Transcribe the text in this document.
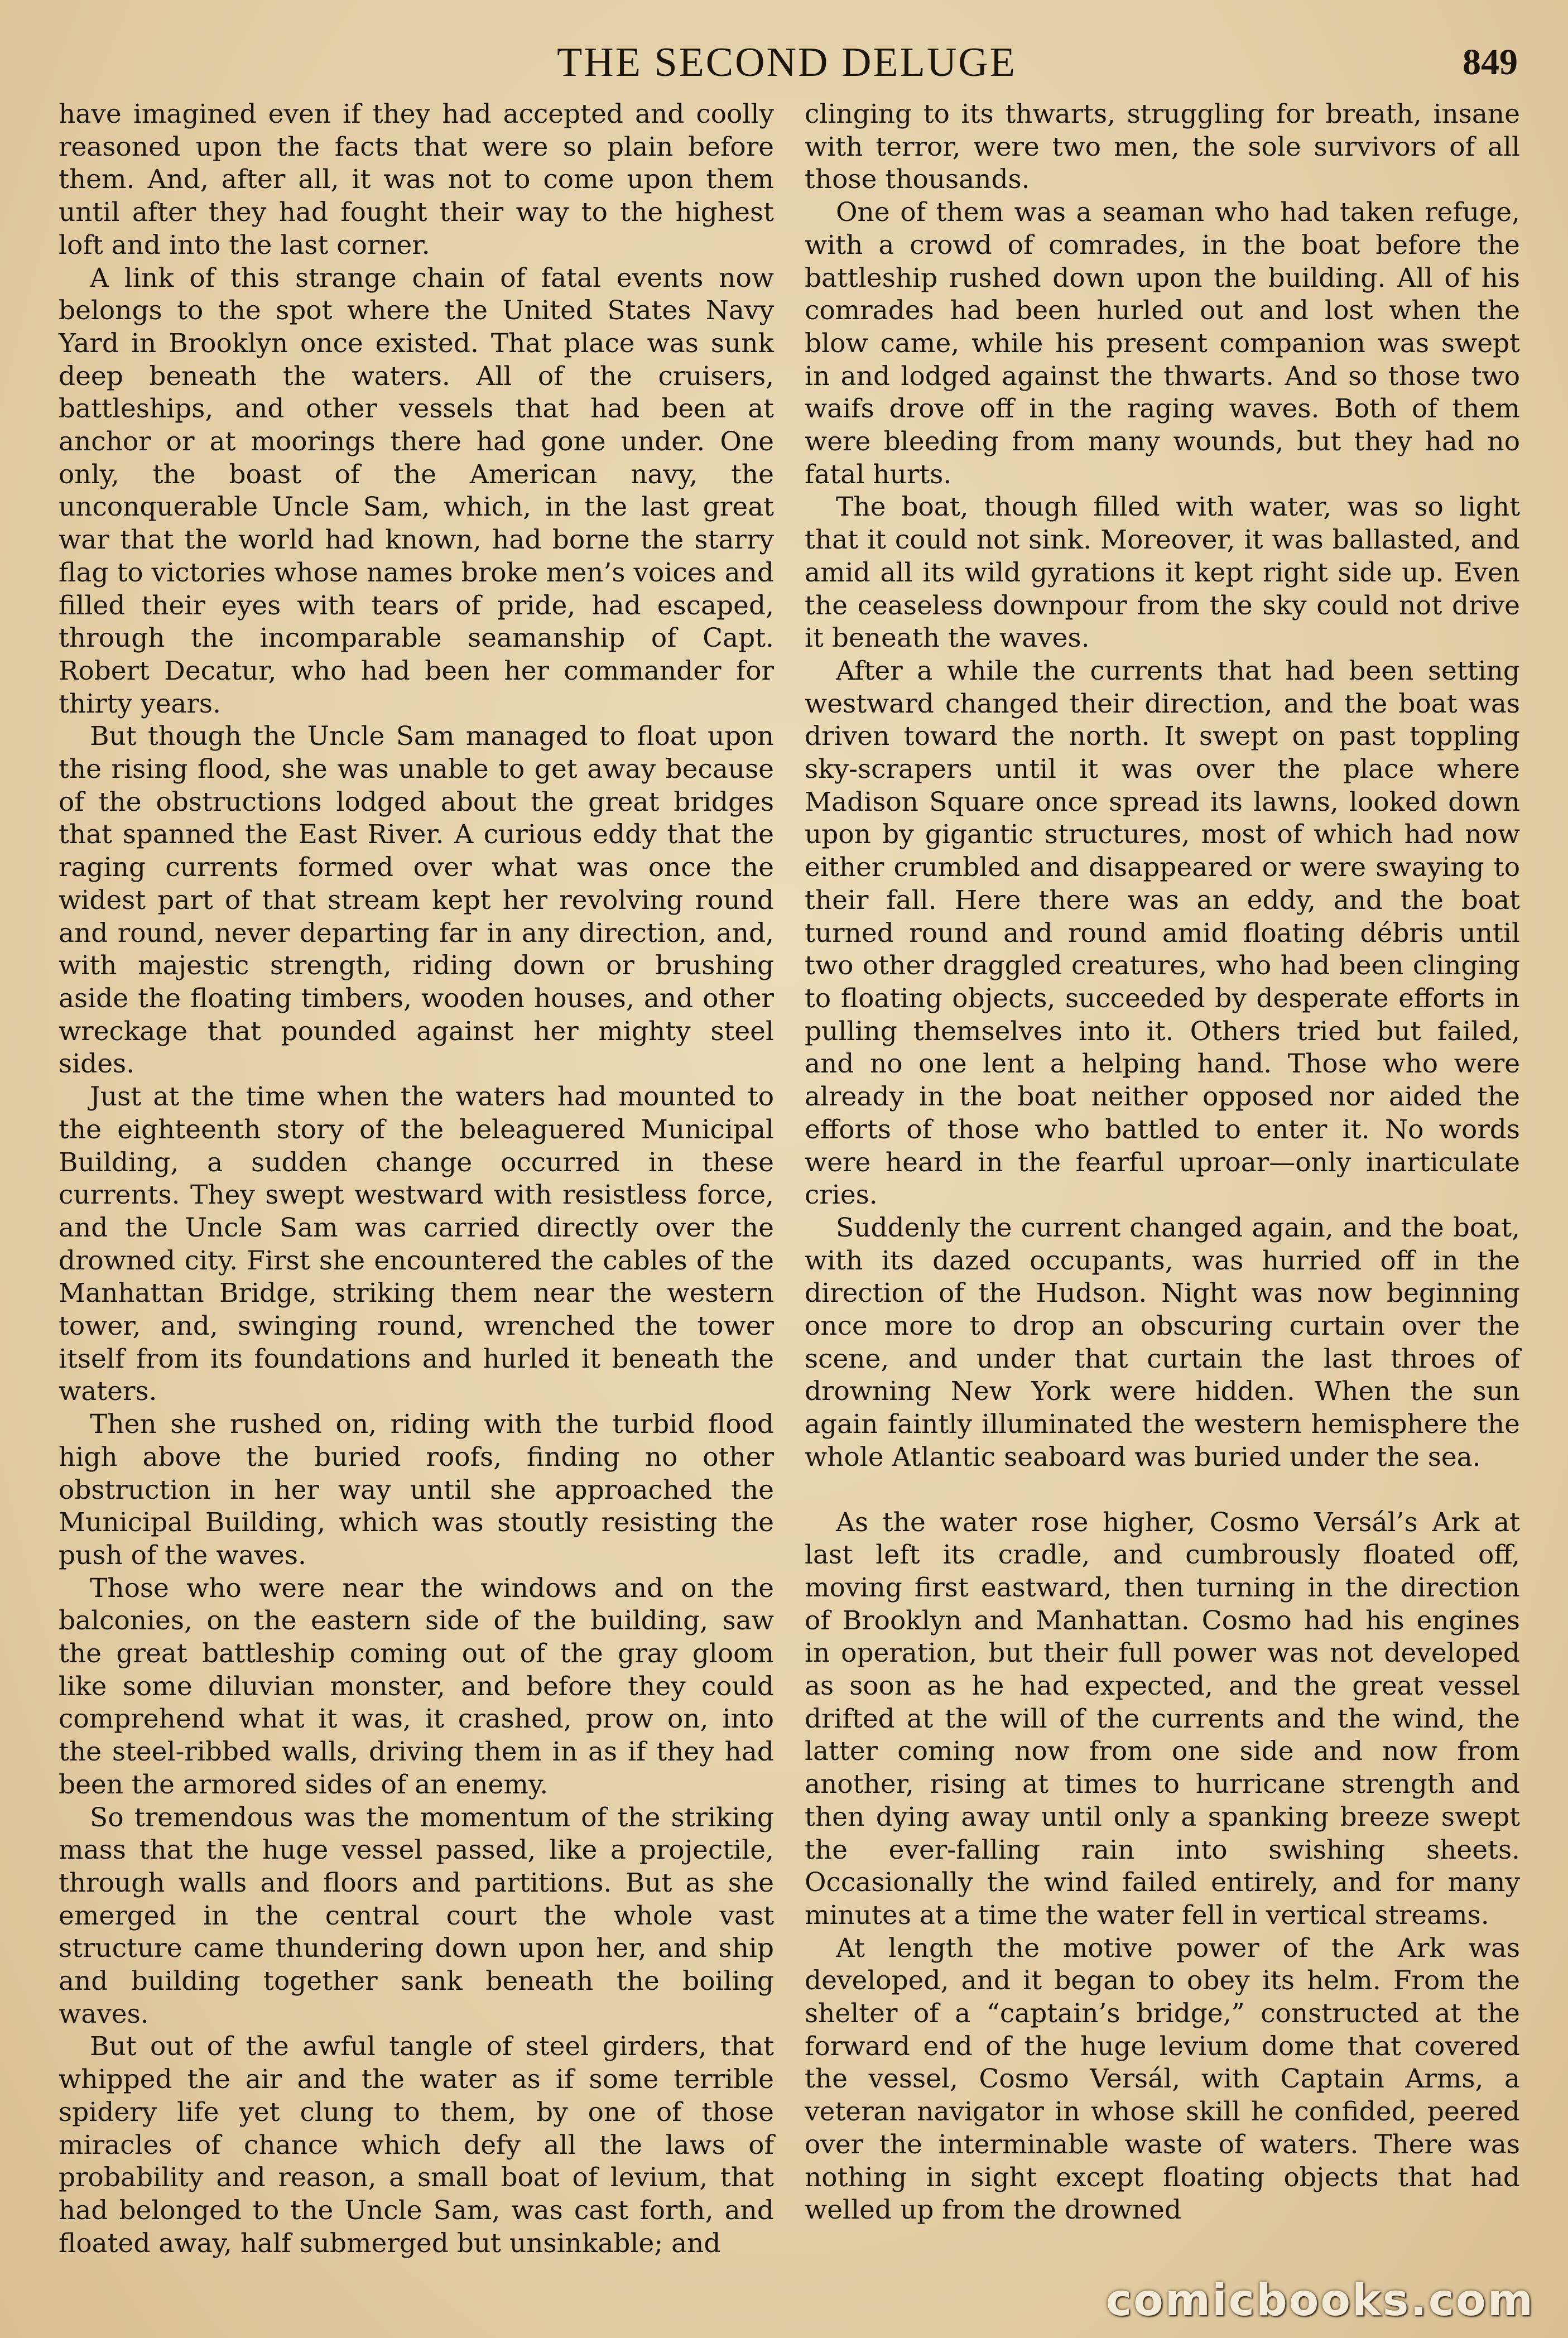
THE SECOND DELUGE	849

have imagined even if they had accepted and coolly reasoned upon the facts that were so plain before them. And, after all, it was not to come upon them until after they had fought their way to the highest loft and into the last corner.

A link of this strange chain of fatal events now belongs to the spot where the United States Navy Yard in Brooklyn once existed. That place was sunk deep beneath the waters. All of the cruisers, battleships, and other vessels that had been at anchor or at moorings there had gone under. One only, the boast of the American navy, the unconquerable Uncle Sam, which, in the last great war that the world had known, had borne the starry flag to victories whose names broke men’s voices and filled their eyes with tears of pride, had escaped, through the incomparable seamanship of Capt. Robert Decatur, who had been her commander for thirty years.

But though the Uncle Sam managed to float upon the rising flood, she was unable to get away because of the obstructions lodged about the great bridges that spanned the East River. A curious eddy that the raging currents formed over what was once the widest part of that stream kept her revolving round and round, never departing far in any direction, and, with majestic strength, riding down or brushing aside the floating timbers, wooden houses, and other wreckage that pounded against her mighty steel sides.

Just at the time when the waters had mounted to the eighteenth story of the beleaguered Municipal Building, a sudden change occurred in these currents. They swept westward with resistless force, and the Uncle Sam was carried directly over the drowned city. First she encountered the cables of the Manhattan Bridge, striking them near the western tower, and, swinging round, wrenched the tower itself from its foundations and hurled it beneath the waters.

Then she rushed on, riding with the turbid flood high above the buried roofs, finding no other obstruction in her way until she approached the Municipal Building, which was stoutly resisting the push of the waves.

Those who were near the windows and on the balconies, on the eastern side of the building, saw the great battleship coming out of the gray gloom like some diluvian monster, and before they could comprehend what it was, it crashed, prow on, into the steel-ribbed walls, driving them in as if they had been the armored sides of an enemy.

So tremendous was the momentum of the striking mass that the huge vessel passed, like a projectile, through walls and floors and partitions. But as she emerged in the central court the whole vast structure came thundering down upon her, and ship and building together sank beneath the boiling waves.

But out of the awful tangle of steel girders, that whipped the air and the water as if some terrible spidery life yet clung to them, by one of those miracles of chance which defy all the laws of probability and reason, a small boat of levium, that had belonged to the Uncle Sam, was cast forth, and floated away, half submerged but unsinkable; and

clinging to its thwarts, struggling for breath, insane with terror, were two men, the sole survivors of all those thousands.

One of them was a seaman who had taken refuge, with a crowd of comrades, in the boat before the battleship rushed down upon the building. All of his comrades had been hurled out and lost when the blow came, while his present companion was swept in and lodged against the thwarts. And so those two waifs drove off in the raging waves. Both of them were bleeding from many wounds, but they had no fatal hurts.

The boat, though filled with water, was so light that it could not sink. Moreover, it was ballasted, and amid all its wild gyrations it kept right side up. Even the ceaseless downpour from the sky could not drive it beneath the waves.

After a while the currents that had been setting westward changed their direction, and the boat was driven toward the north. It swept on past toppling sky-scrapers until it was over the place where Madison Square once spread its lawns, looked down upon by gigantic structures, most of which had now either crumbled and disappeared or were swaying to their fall. Here there was an eddy, and the boat turned round and round amid floating débris until two other draggled creatures, who had been clinging to floating objects, succeeded by desperate efforts in pulling themselves into it. Others tried but failed, and no one lent a helping hand. Those who were already in the boat neither opposed nor aided the efforts of those who battled to enter it. No words were heard in the fearful uproar—only inarticulate cries.

Suddenly the current changed again, and the boat, with its dazed occupants, was hurried off in the direction of the Hudson. Night was now beginning once more to drop an obscuring curtain over the scene, and under that curtain the last throes of drowning New York were hidden. When the sun again faintly illuminated the western hemisphere the whole Atlantic seaboard was buried under the sea.

As the water rose higher, Cosmo Versál’s Ark at last left its cradle, and cumbrously floated off, moving first eastward, then turning in the direction of Brooklyn and Manhattan. Cosmo had his engines in operation, but their full power was not developed as soon as he had expected, and the great vessel drifted at the will of the currents and the wind, the latter coming now from one side and now from another, rising at times to hurricane strength and then dying away until only a spanking breeze swept the ever-falling rain into swishing sheets. Occasionally the wind failed entirely, and for many minutes at a time the water fell in vertical streams.

At length the motive power of the Ark was developed, and it began to obey its helm. From the shelter of a “captain’s bridge,” constructed at the forward end of the huge levium dome that covered the vessel, Cosmo Versál, with Captain Arms, a veteran navigator in whose skill he confided, peered over the interminable waste of waters. There was nothing in sight except floating objects that had welled up from the drowned

comicbooks.com
